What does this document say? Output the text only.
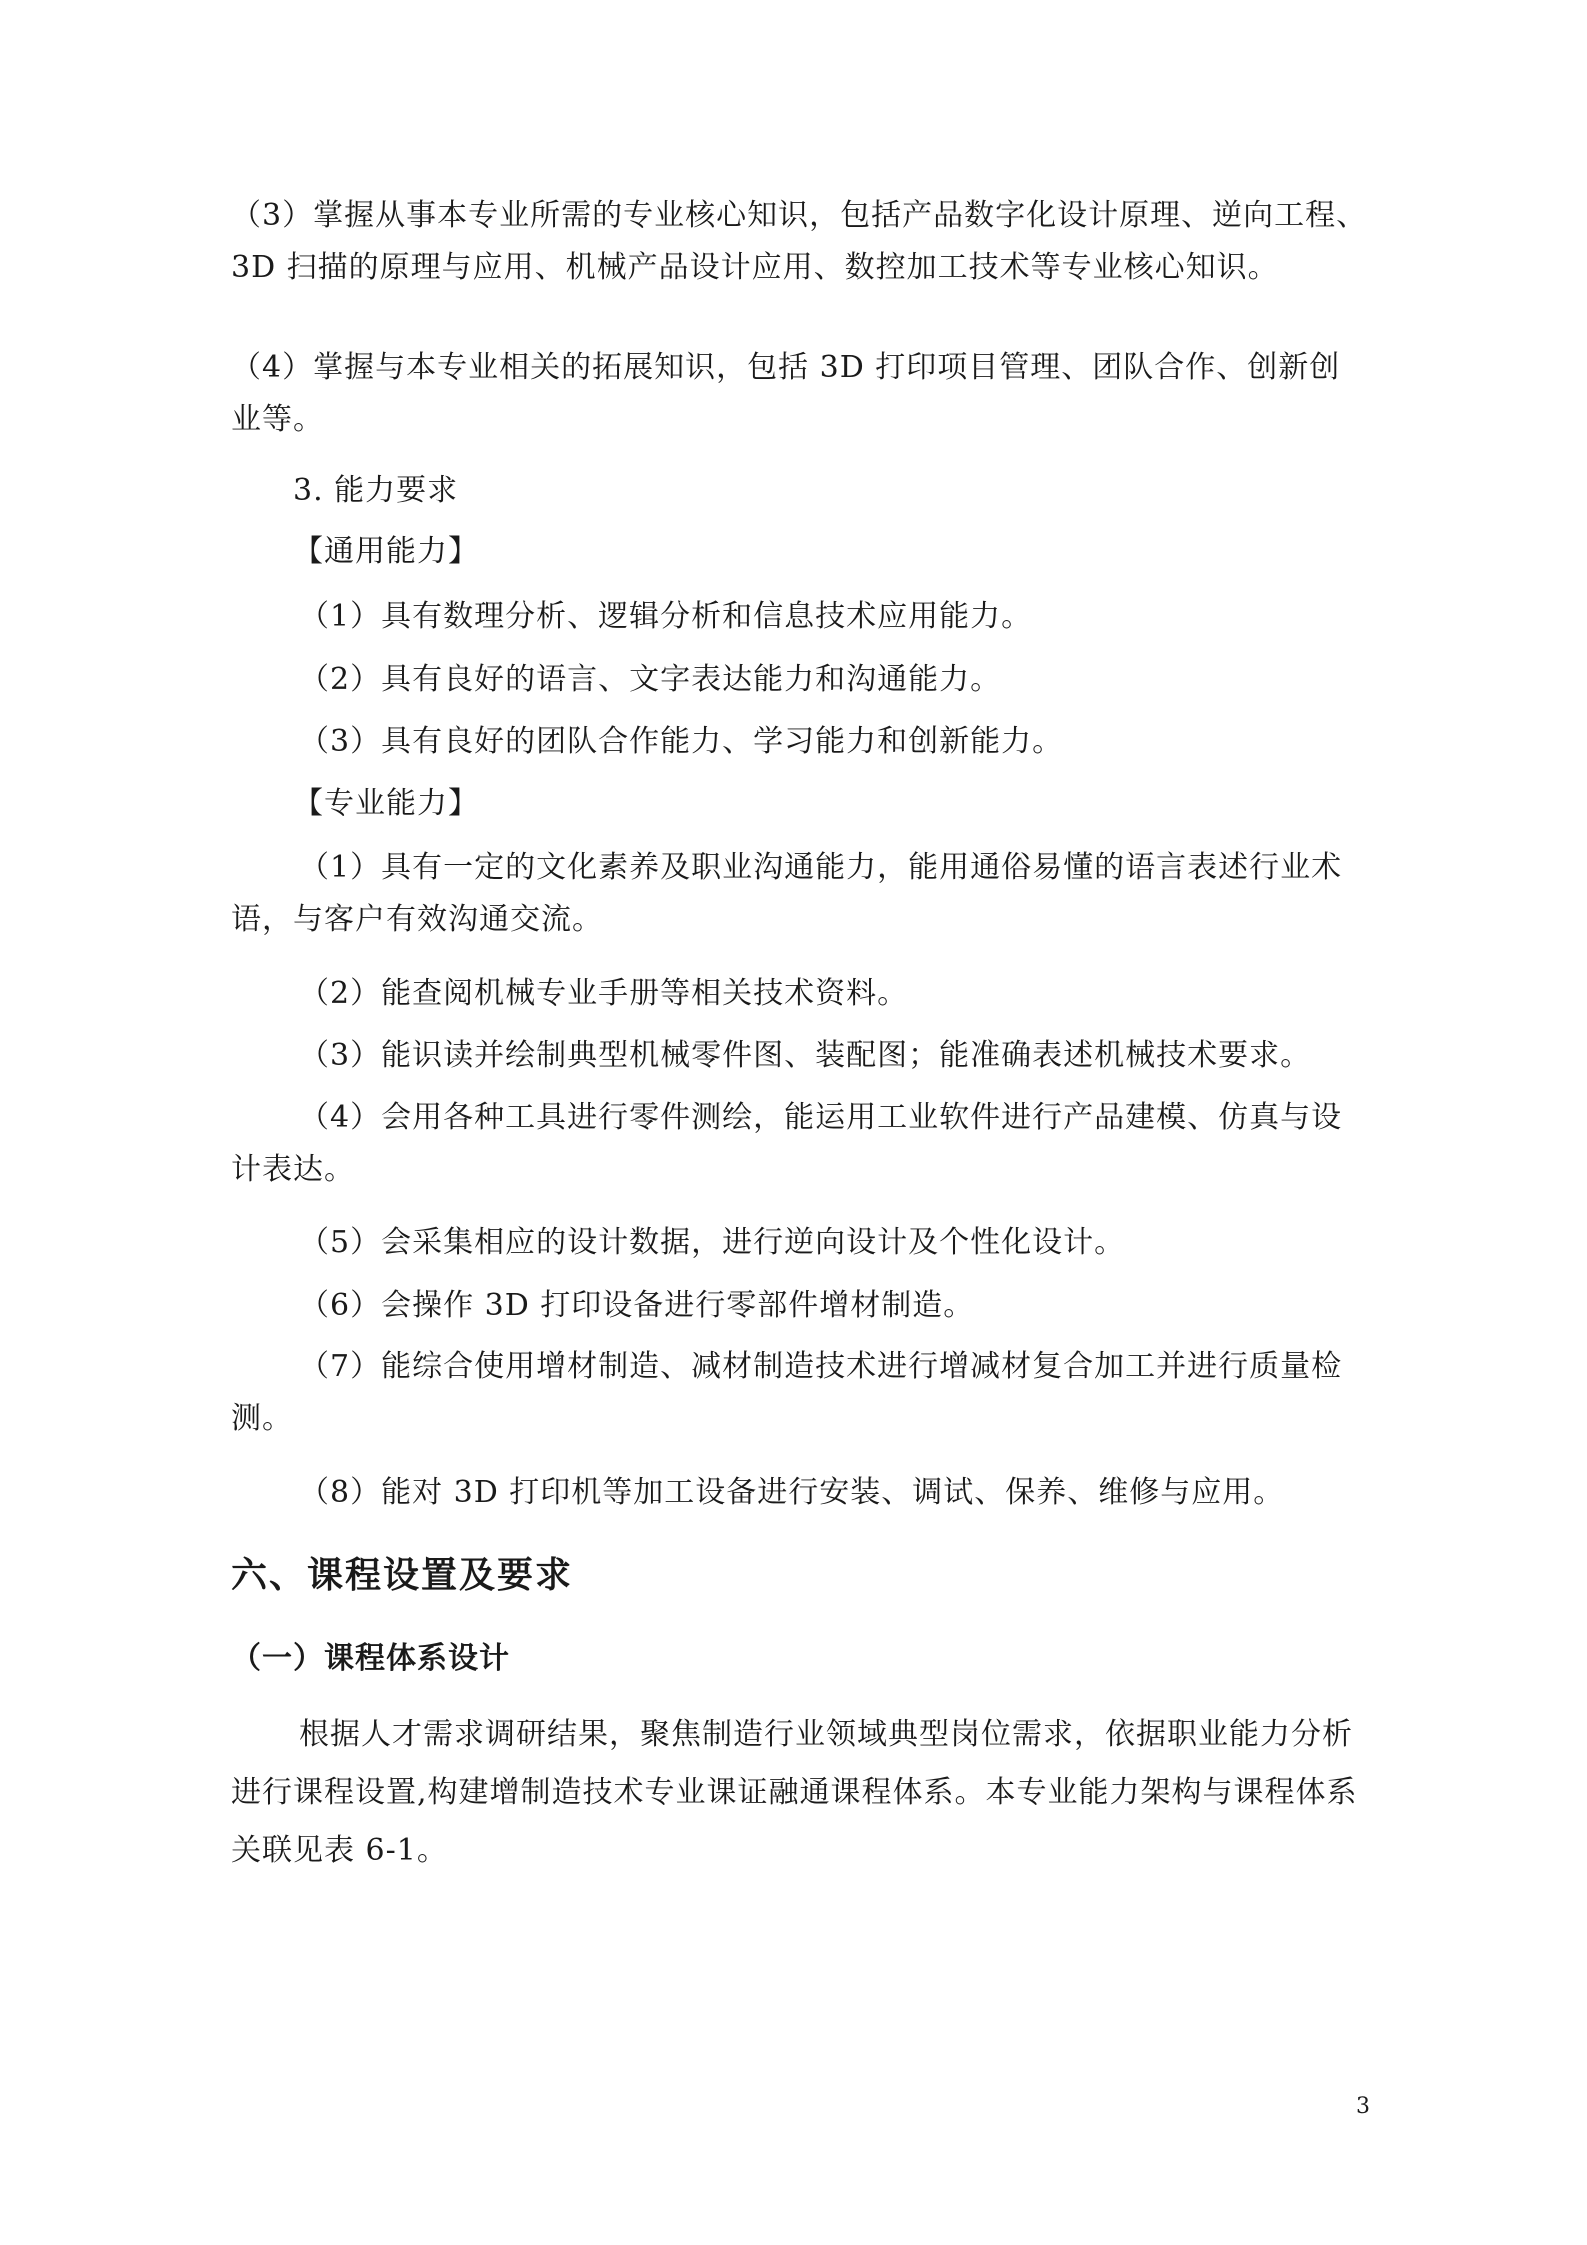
（3）掌握从事本专业所需的专业核心知识，包括产品数字化设计原理、逆向工程、3D 扫描的原理与应用、机械产品设计应用、数控加工技术等专业核心知识。

（4）掌握与本专业相关的拓展知识，包括 3D 打印项目管理、团队合作、创新创业等。

3. 能力要求

【通用能力】

（1）具有数理分析、逻辑分析和信息技术应用能力。

（2）具有良好的语言、文字表达能力和沟通能力。

（3）具有良好的团队合作能力、学习能力和创新能力。

【专业能力】

（1）具有一定的文化素养及职业沟通能力，能用通俗易懂的语言表述行业术语，与客户有效沟通交流。

（2）能查阅机械专业手册等相关技术资料。

（3）能识读并绘制典型机械零件图、装配图；能准确表述机械技术要求。

（4）会用各种工具进行零件测绘，能运用工业软件进行产品建模、仿真与设计表达。

（5）会采集相应的设计数据，进行逆向设计及个性化设计。

（6）会操作 3D 打印设备进行零部件增材制造。

（7）能综合使用增材制造、减材制造技术进行增减材复合加工并进行质量检测。

（8）能对 3D 打印机等加工设备进行安装、调试、保养、维修与应用。

六、课程设置及要求
（一）课程体系设计

根据人才需求调研结果，聚焦制造行业领域典型岗位需求，依据职业能力分析进行课程设置,构建增制造技术专业课证融通课程体系。本专业能力架构与课程体系关联见表 6-1。

3
